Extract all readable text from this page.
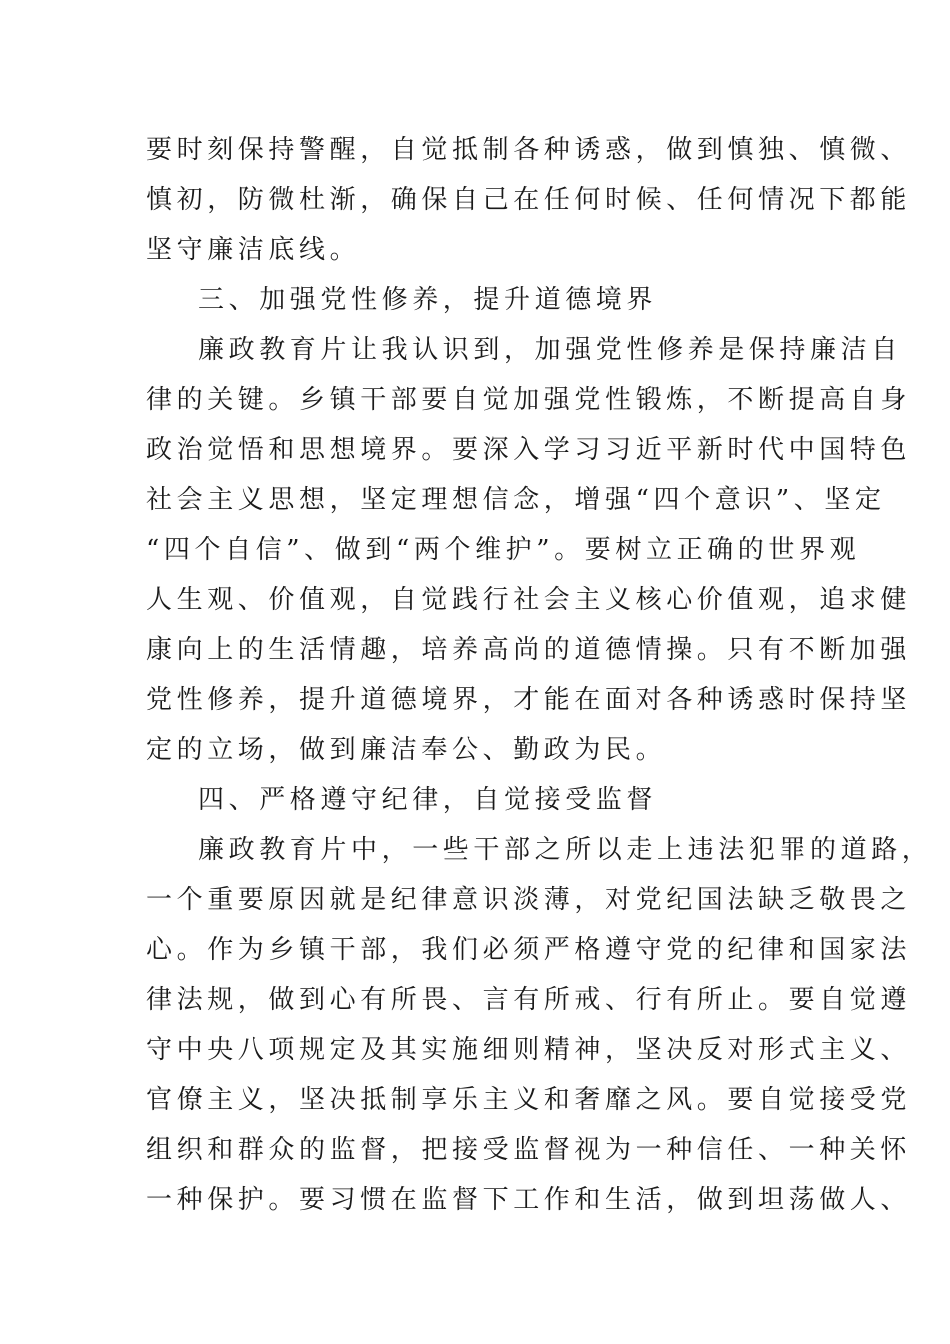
要时刻保持警醒，自觉抵制各种诱惑，做到慎独、慎微、
慎初，防微杜渐，确保自己在任何时候、任何情况下都能
坚守廉洁底线。
三、加强党性修养，提升道德境界
廉政教育片让我认识到，加强党性修养是保持廉洁自
律的关键。乡镇干部要自觉加强党性锻炼，不断提高自身
政治觉悟和思想境界。要深入学习习近平新时代中国特色
社会主义思想，坚定理想信念，增强“四个意识”、坚定
“四个自信”、做到“两个维护”。要树立正确的世界观
人生观、价值观，自觉践行社会主义核心价值观，追求健
康向上的生活情趣，培养高尚的道德情操。只有不断加强
党性修养，提升道德境界，才能在面对各种诱惑时保持坚
定的立场，做到廉洁奉公、勤政为民。
四、严格遵守纪律，自觉接受监督
廉政教育片中，一些干部之所以走上违法犯罪的道路，
一个重要原因就是纪律意识淡薄，对党纪国法缺乏敬畏之
心。作为乡镇干部，我们必须严格遵守党的纪律和国家法
律法规，做到心有所畏、言有所戒、行有所止。要自觉遵
守中央八项规定及其实施细则精神，坚决反对形式主义、
官僚主义，坚决抵制享乐主义和奢靡之风。要自觉接受党
组织和群众的监督，把接受监督视为一种信任、一种关怀
一种保护。要习惯在监督下工作和生活，做到坦荡做人、
